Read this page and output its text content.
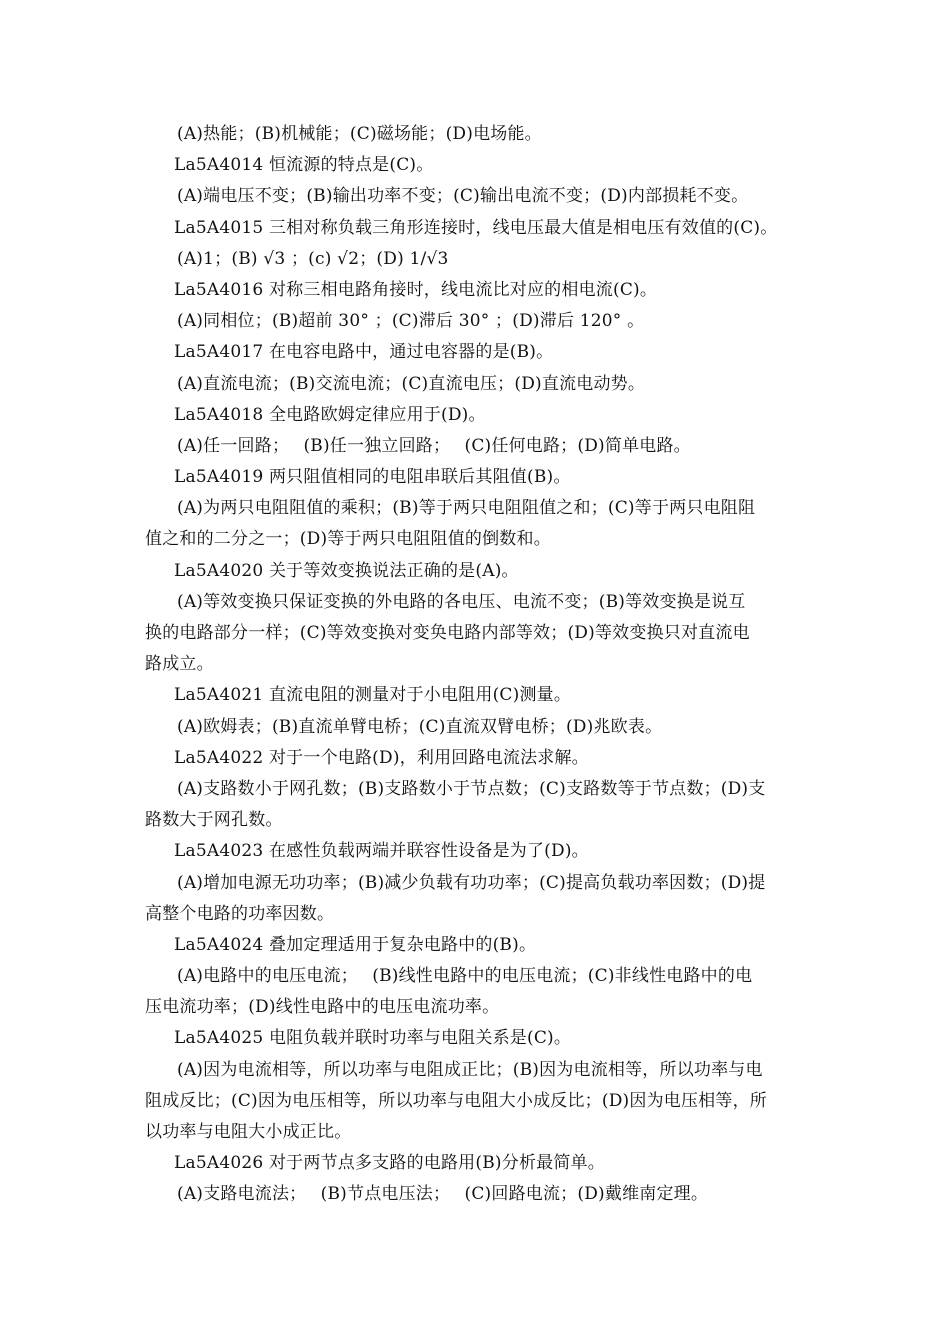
(A)热能；(B)机械能；(C)磁场能；(D)电场能。
La5A4014 恒流源的特点是(C)。
(A)端电压不变；(B)输出功率不变；(C)输出电流不变；(D)内部损耗不变。
La5A4015 三相对称负载三角形连接时，线电压最大值是相电压有效值的(C)。
(A)1；(B) √3 ；(c) √2；(D) 1/√3
La5A4016 对称三相电路角接时，线电流比对应的相电流(C)。
(A)同相位；(B)超前 30° ；(C)滞后 30° ；(D)滞后 120° 。
La5A4017 在电容电路中，通过电容器的是(B)。
(A)直流电流；(B)交流电流；(C)直流电压；(D)直流电动势。
La5A4018 全电路欧姆定律应用于(D)。
(A)任一回路；　 (B)任一独立回路；　 (C)任何电路；(D)简单电路。
La5A4019 两只阻值相同的电阻串联后其阻值(B)。
(A)为两只电阻阻值的乘积；(B)等于两只电阻阻值之和；(C)等于两只电阻阻
值之和的二分之一；(D)等于两只电阻阻值的倒数和。
La5A4020 关于等效变换说法正确的是(A)。
(A)等效变换只保证变换的外电路的各电压、电流不变；(B)等效变换是说互
换的电路部分一样；(C)等效变换对变奂电路内部等效；(D)等效变换只对直流电
路成立。
La5A4021 直流电阻的测量对于小电阻用(C)测量。
(A)欧姆表；(B)直流单臂电桥；(C)直流双臂电桥；(D)兆欧表。
La5A4022 对于一个电路(D)，利用回路电流法求解。
(A)支路数小于网孔数；(B)支路数小于节点数；(C)支路数等于节点数；(D)支
路数大于网孔数。
La5A4023 在感性负载两端并联容性设备是为了(D)。
(A)增加电源无功功率；(B)减少负载有功功率；(C)提高负载功率因数；(D)提
高整个电路的功率因数。
La5A4024 叠加定理适用于复杂电路中的(B)。
(A)电路中的电压电流；　 (B)线性电路中的电压电流；(C)非线性电路中的电
压电流功率；(D)线性电路中的电压电流功率。
La5A4025 电阻负载并联时功率与电阻关系是(C)。
(A)因为电流相等，所以功率与电阻成正比；(B)因为电流相等，所以功率与电
阻成反比；(C)因为电压相等，所以功率与电阻大小成反比；(D)因为电压相等，所
以功率与电阻大小成正比。
La5A4026 对于两节点多支路的电路用(B)分析最简单。
(A)支路电流法；　 (B)节点电压法；　 (C)回路电流；(D)戴维南定理。
